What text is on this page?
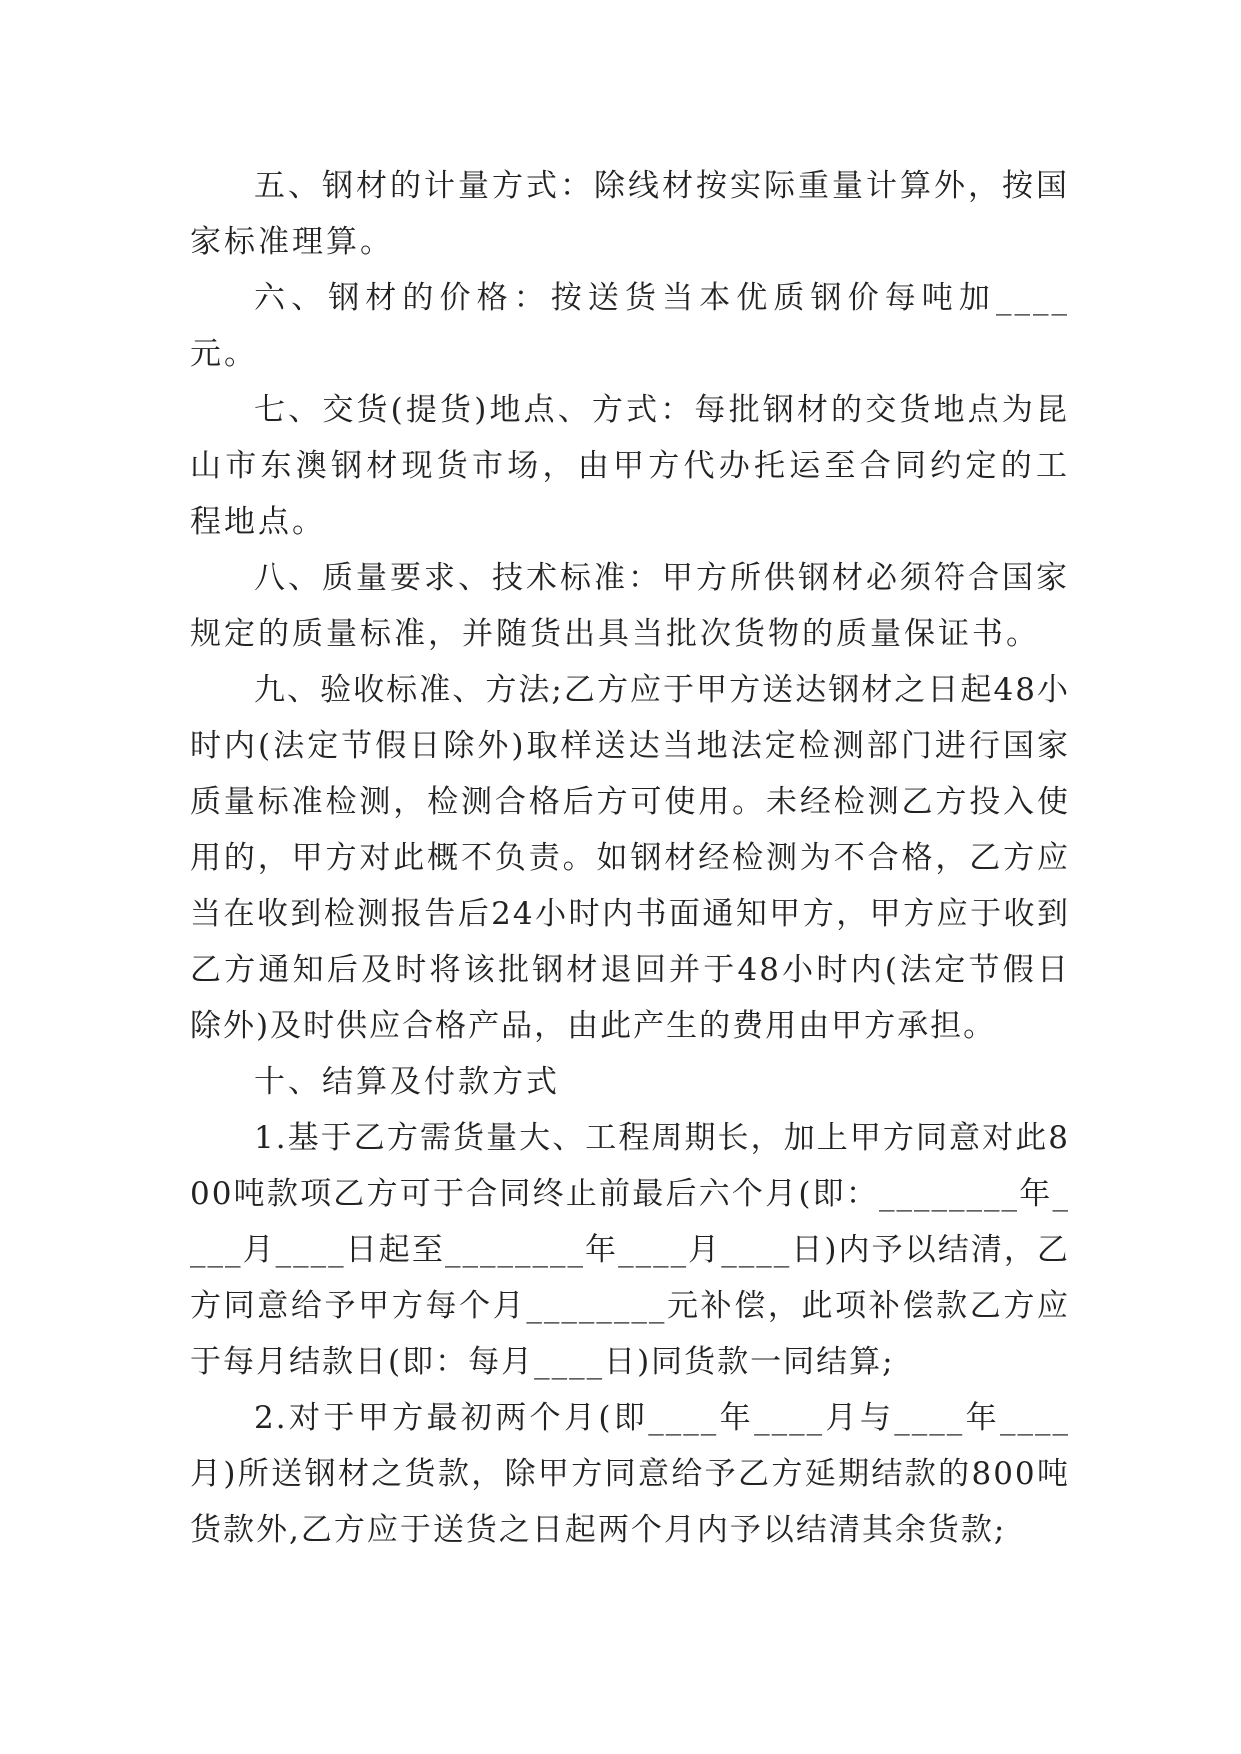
五、钢材的计量方式：除线材按实际重量计算外，按国家标准理算。

六、钢材的价格：按送货当本优质钢价每吨加____元。

七、交货(提货)地点、方式：每批钢材的交货地点为昆山市东澳钢材现货市场，由甲方代办托运至合同约定的工程地点。

八、质量要求、技术标准：甲方所供钢材必须符合国家规定的质量标准，并随货出具当批次货物的质量保证书。

九、验收标准、方法;乙方应于甲方送达钢材之日起48小时内(法定节假日除外)取样送达当地法定检测部门进行国家质量标准检测，检测合格后方可使用。未经检测乙方投入使用的，甲方对此概不负责。如钢材经检测为不合格，乙方应当在收到检测报告后24小时内书面通知甲方，甲方应于收到乙方通知后及时将该批钢材退回并于48小时内(法定节假日除外)及时供应合格产品，由此产生的费用由甲方承担。

十、结算及付款方式

1.基于乙方需货量大、工程周期长，加上甲方同意对此800吨款项乙方可于合同终止前最后六个月(即：________年____月____日起至________年____月____日)内予以结清，乙方同意给予甲方每个月________元补偿，此项补偿款乙方应于每月结款日(即：每月____日)同货款一同结算;

2.对于甲方最初两个月(即____年____月与____年____月)所送钢材之货款，除甲方同意给予乙方延期结款的800吨货款外,乙方应于送货之日起两个月内予以结清其余货款;
